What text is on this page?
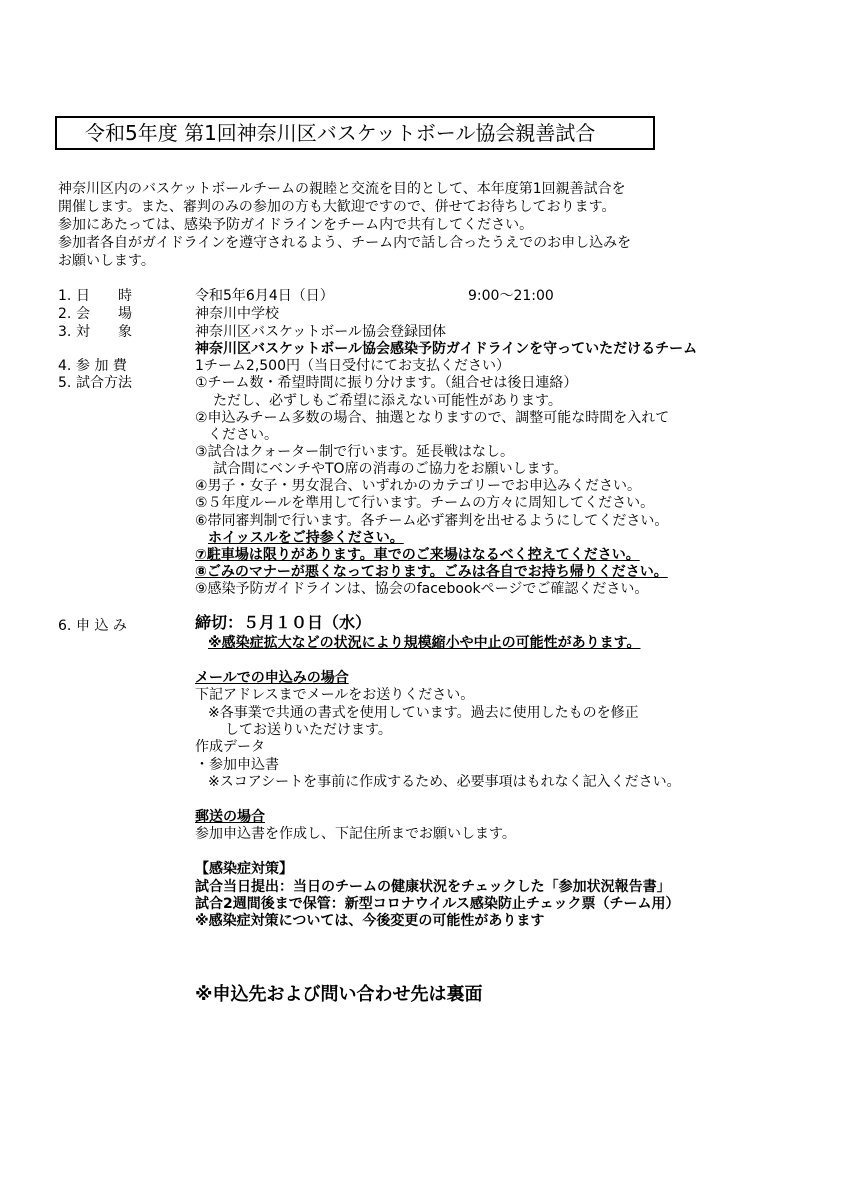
令和5年度 第1回神奈川区バスケットボール協会親善試合
神奈川区内のバスケットボールチームの親睦と交流を目的として、本年度第1回親善試合を
開催します。また、審判のみの参加の方も大歓迎ですので、併せてお待ちしております。
参加にあたっては、感染予防ガイドラインをチーム内で共有してください。
参加者各自がガイドラインを遵守されるよう、チーム内で話し合ったうえでのお申し込みを
お願いします。
1. 日　　時	令和5年6月4日（日）	9:00～21:00
2. 会　　場	神奈川中学校
3. 対　　象	神奈川区バスケットボール協会登録団体
神奈川区バスケットボール協会感染予防ガイドラインを守っていただけるチーム
4. 参 加 費	1チーム2,500円（当日受付にてお支払ください）
5. 試合方法	①チーム数・希望時間に振り分けます。（組合せは後日連絡）
ただし、必ずしもご希望に添えない可能性があります。
②申込みチーム多数の場合、抽選となりますので、調整可能な時間を入れて
ください。
③試合はクォーター制で行います。延長戦はなし。
試合間にベンチやTO席の消毒のご協力をお願いします。
④男子・女子・男女混合、いずれかのカテゴリーでお申込みください。
⑤５年度ルールを準用して行います。チームの方々に周知してください。
⑥帯同審判制で行います。各チーム必ず審判を出せるようにしてください。
ホイッスルをご持参ください。
⑦駐車場は限りがあります。車でのご来場はなるべく控えてください。
⑧ごみのマナーが悪くなっております。ごみは各自でお持ち帰りください。
⑨感染予防ガイドラインは、協会のfacebookページでご確認ください。
6. 申 込 み	締切：５月１０日（水）
※感染症拡大などの状況により規模縮小や中止の可能性があります。
メールでの申込みの場合
下記アドレスまでメールをお送りください。
※各事業で共通の書式を使用しています。過去に使用したものを修正
してお送りいただけます。
作成データ
・参加申込書
※スコアシートを事前に作成するため、必要事項はもれなく記入ください。
郵送の場合
参加申込書を作成し、下記住所までお願いします。
【感染症対策】
試合当日提出：当日のチームの健康状況をチェックした「参加状況報告書」
試合2週間後まで保管：新型コロナウイルス感染防止チェック票（チーム用）
※感染症対策については、今後変更の可能性があります
※申込先および問い合わせ先は裏面
